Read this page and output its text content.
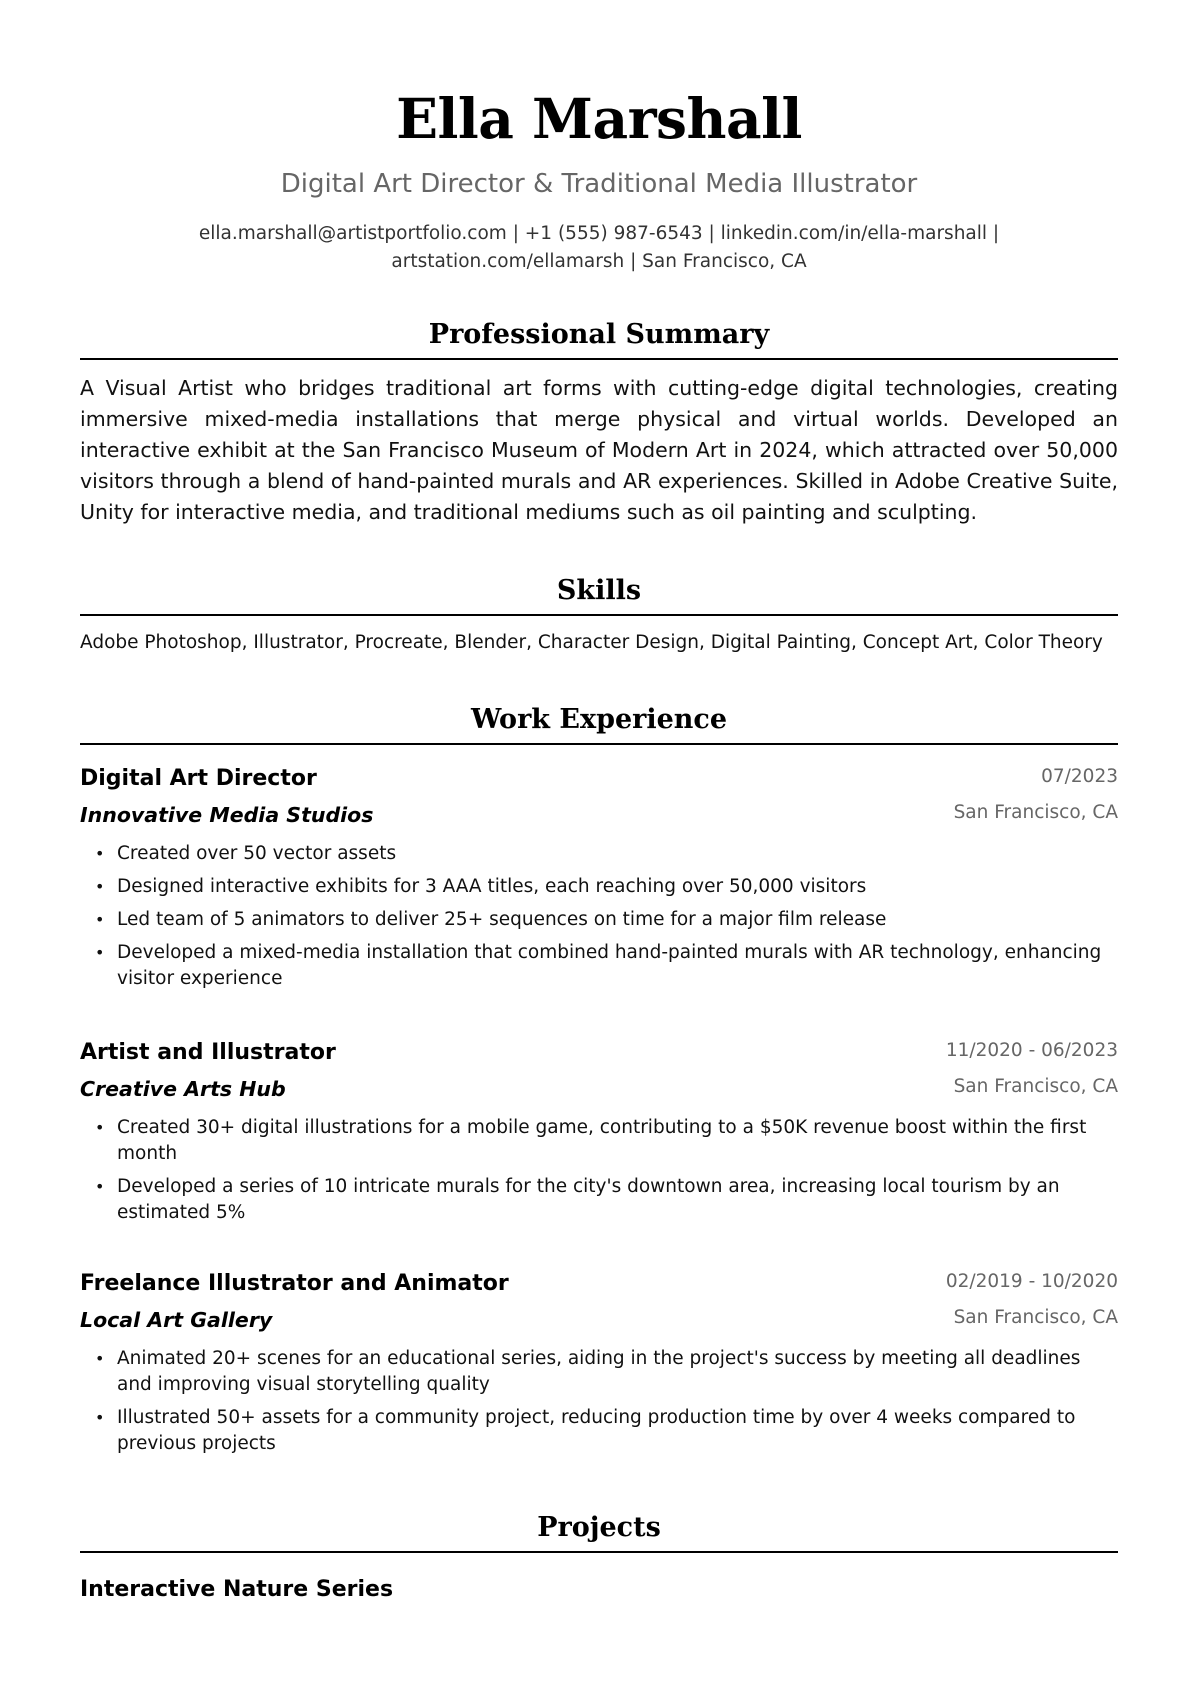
Ella Marshall
Digital Art Director & Traditional Media Illustrator
ella.marshall@artistportfolio.com | +1 (555) 987-6543 | linkedin.com/in/ella-marshall |
artstation.com/ellamarsh | San Francisco, CA
Professional Summary
A Visual Artist who bridges traditional art forms with cutting-edge digital technologies, creating immersive mixed-media installations that merge physical and virtual worlds. Developed an interactive exhibit at the San Francisco Museum of Modern Art in 2024, which attracted over 50,000 visitors through a blend of hand-painted murals and AR experiences. Skilled in Adobe Creative Suite, Unity for interactive media, and traditional mediums such as oil painting and sculpting.
Skills
Adobe Photoshop, Illustrator, Procreate, Blender, Character Design, Digital Painting, Concept Art, Color Theory
Work Experience
Digital Art Director	07/2023
Innovative Media Studios	San Francisco, CA
• Created over 50 vector assets
• Designed interactive exhibits for 3 AAA titles, each reaching over 50,000 visitors
• Led team of 5 animators to deliver 25+ sequences on time for a major film release
• Developed a mixed-media installation that combined hand-painted murals with AR technology, enhancing visitor experience
Artist and Illustrator	11/2020 - 06/2023
Creative Arts Hub	San Francisco, CA
• Created 30+ digital illustrations for a mobile game, contributing to a $50K revenue boost within the first month
• Developed a series of 10 intricate murals for the city's downtown area, increasing local tourism by an estimated 5%
Freelance Illustrator and Animator	02/2019 - 10/2020
Local Art Gallery	San Francisco, CA
• Animated 20+ scenes for an educational series, aiding in the project's success by meeting all deadlines and improving visual storytelling quality
• Illustrated 50+ assets for a community project, reducing production time by over 4 weeks compared to previous projects
Projects
Interactive Nature Series
